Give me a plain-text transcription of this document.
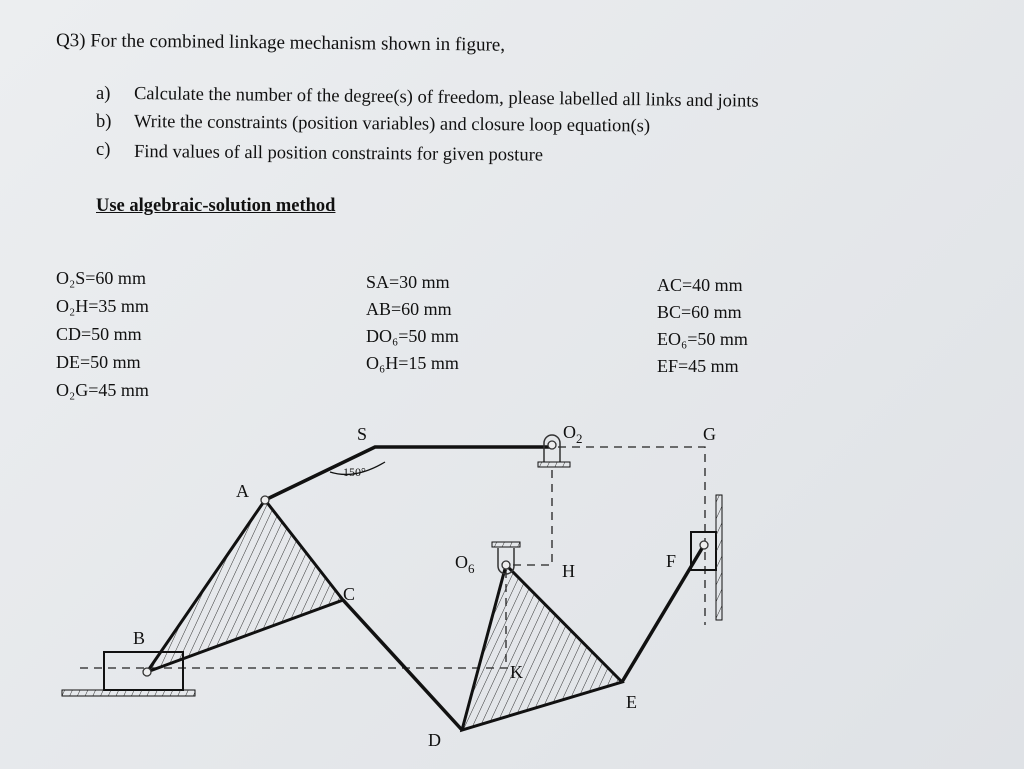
Q3) For the combined linkage mechanism shown in figure,
a) Calculate the number of the degree(s) of freedom, please labelled all links and joints
b) Write the constraints (position variables) and closure loop equation(s)
c) Find values of all position constraints for given posture
Use algebraic-solution method
O₂S=60 mm
O₂H=35 mm
CD=50 mm
DE=50 mm
O₂G=45 mm
SA=30 mm
AB=60 mm
DO₆=50 mm
O₆H=15 mm
AC=40 mm
BC=60 mm
EO₆=50 mm
EF=45 mm
150°
S	$O_2$	G
A
$O_6$	H	F
C
B
K
E
D
